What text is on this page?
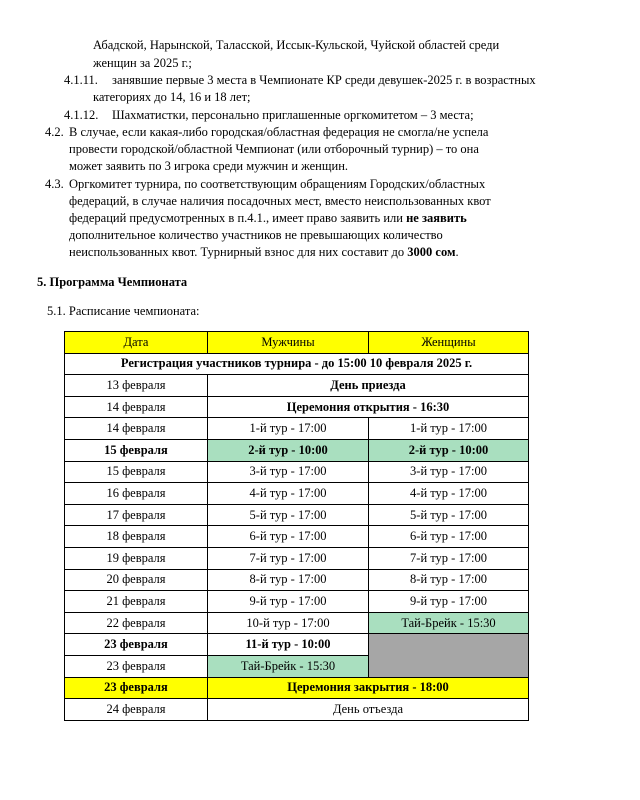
Абадской, Нарынской, Таласской, Иссык-Кульской, Чуйской областей среди
женщин за 2025 г.;
4.1.11. занявшие первые 3 места в Чемпионате КР среди девушек-2025 г. в возрастных
категориях до 14, 16 и 18 лет;
4.1.12. Шахматистки, персонально приглашенные оргкомитетом – 3 места;
4.2. В случае, если какая-либо городская/областная федерация не смогла/не успела
провести городской/областной Чемпионат (или отборочный турнир) – то она
может заявить по 3 игрока среди мужчин и женщин.
4.3. Оргкомитет турнира, по соответствующим обращениям Городских/областных
федераций, в случае наличия посадочных мест, вместо неиспользованных квот
федераций предусмотренных в п.4.1., имеет право заявить или не заявить
дополнительное количество участников не превышающих количество
неиспользованных квот. Турнирный взнос для них составит до 3000 сом.
5. Программа Чемпионата
5.1. Расписание чемпионата:
Дата	Мужчины	Женщины
Регистрация участников турнира - до 15:00 10 февраля 2025 г.		
13 февраля	День приезда	
14 февраля	Церемония открытия - 16:30	
14 февраля	1-й тур - 17:00	1-й тур - 17:00
15 февраля	2-й тур - 10:00	2-й тур - 10:00
15 февраля	3-й тур - 17:00	3-й тур - 17:00
16 февраля	4-й тур - 17:00	4-й тур - 17:00
17 февраля	5-й тур - 17:00	5-й тур - 17:00
18 февраля	6-й тур - 17:00	6-й тур - 17:00
19 февраля	7-й тур - 17:00	7-й тур - 17:00
20 февраля	8-й тур - 17:00	8-й тур - 17:00
21 февраля	9-й тур - 17:00	9-й тур - 17:00
22 февраля	10-й тур - 17:00	Тай-Брейк - 15:30
23 февраля	11-й тур - 10:00	
23 февраля	Тай-Брейк - 15:30	
23 февраля	Церемония закрытия - 18:00	
24 февраля	День отъезда	
